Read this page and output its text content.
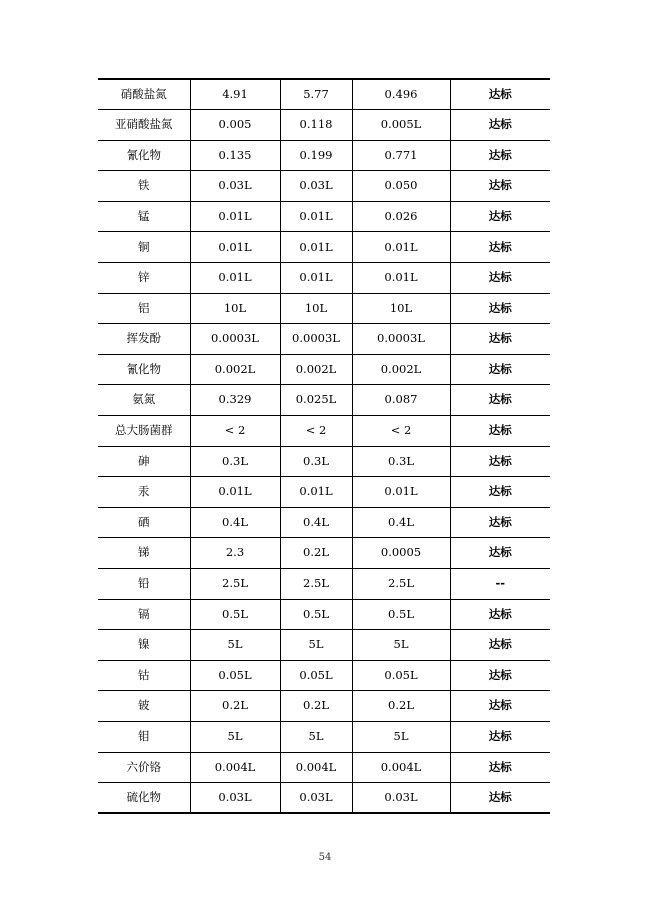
硝酸盐氮	4.91	5.77	0.496	达标
亚硝酸盐氮	0.005	0.118	0.005L	达标
氰化物	0.135	0.199	0.771	达标
铁	0.03L	0.03L	0.050	达标
锰	0.01L	0.01L	0.026	达标
铜	0.01L	0.01L	0.01L	达标
锌	0.01L	0.01L	0.01L	达标
铝	10L	10L	10L	达标
挥发酚	0.0003L	0.0003L	0.0003L	达标
氰化物	0.002L	0.002L	0.002L	达标
氨氮	0.329	0.025L	0.087	达标
总大肠菌群	< 2	< 2	< 2	达标
砷	0.3L	0.3L	0.3L	达标
汞	0.01L	0.01L	0.01L	达标
硒	0.4L	0.4L	0.4L	达标
锑	2.3	0.2L	0.0005	达标
铅	2.5L	2.5L	2.5L	--
镉	0.5L	0.5L	0.5L	达标
镍	5L	5L	5L	达标
钴	0.05L	0.05L	0.05L	达标
铍	0.2L	0.2L	0.2L	达标
钼	5L	5L	5L	达标
六价铬	0.004L	0.004L	0.004L	达标
硫化物	0.03L	0.03L	0.03L	达标
54
